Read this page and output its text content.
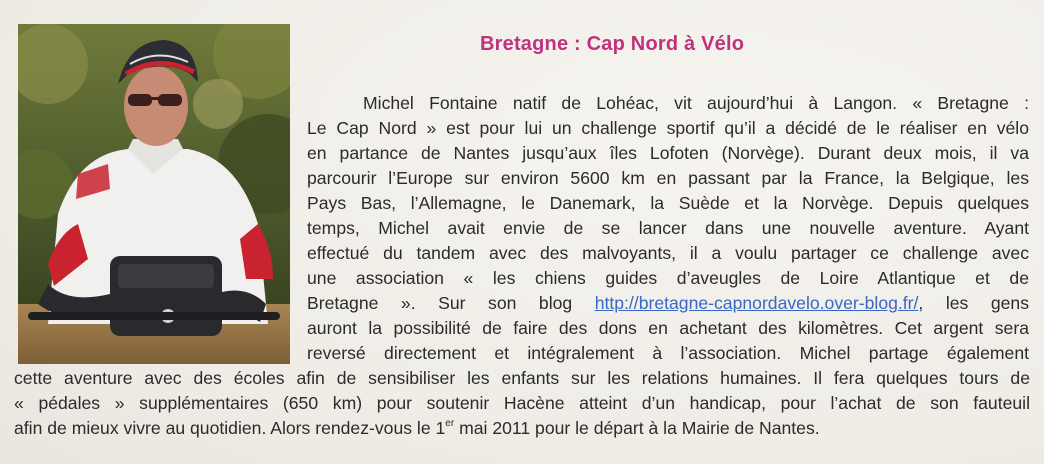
Bretagne : Cap Nord à Vélo
Michel Fontaine natif de Lohéac, vit aujourd’hui à Langon. « Bretagne :
Le Cap Nord » est pour lui un challenge sportif qu’il a décidé de le réaliser en vélo
en partance de Nantes jusqu’aux îles Lofoten (Norvège). Durant deux mois, il va
parcourir l’Europe sur environ 5600 km en passant par la France, la Belgique, les
Pays Bas, l’Allemagne, le Danemark, la Suède et la Norvège. Depuis quelques
temps, Michel avait envie de se lancer dans une nouvelle aventure. Ayant
effectué du tandem avec des malvoyants, il a voulu partager ce challenge avec
une association « les chiens guides d’aveugles de Loire Atlantique et de
Bretagne ». Sur son blog http://bretagne-capnordavelo.over-blog.fr/, les gens
auront la possibilité de faire des dons en achetant des kilomètres. Cet argent sera
reversé directement et intégralement à l’association. Michel partage également
cette aventure avec des écoles afin de sensibiliser les enfants sur les relations humaines. Il fera quelques tours de
« pédales » supplémentaires (650 km) pour soutenir Hacène atteint d’un handicap, pour l’achat de son fauteuil
afin de mieux vivre au quotidien. Alors rendez-vous le 1er mai 2011 pour le départ à la Mairie de Nantes.
